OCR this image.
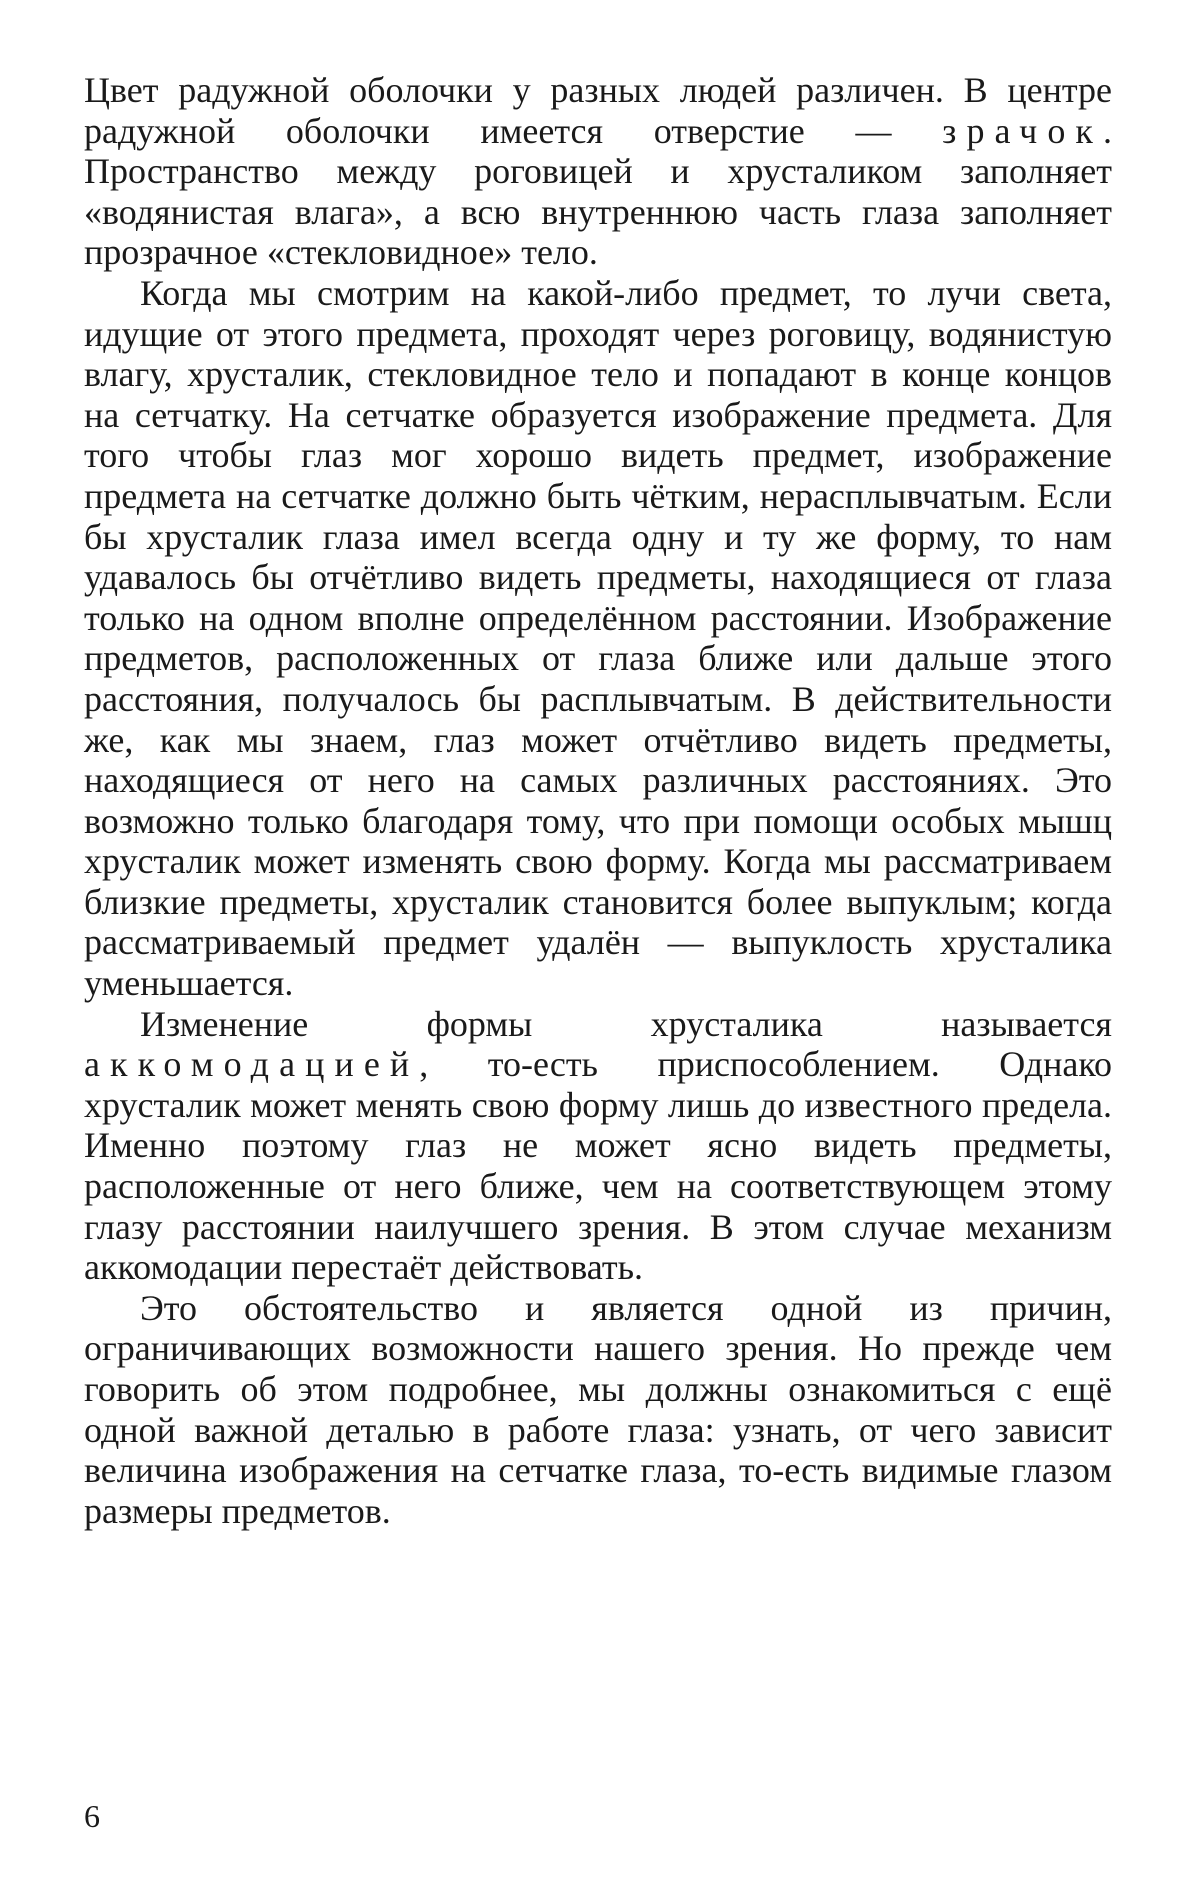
Цвет радужной оболочки у разных людей различен. В центре радужной оболочки имеется отверстие — зрачок. Пространство между роговицей и хрусталиком заполняет «водянистая влага», а всю внутреннюю часть глаза заполняет прозрачное «стекловидное» тело.

Когда мы смотрим на какой-либо предмет, то лучи света, идущие от этого предмета, проходят через роговицу, водянистую влагу, хрусталик, стекловидное тело и попадают в конце концов на сетчатку. На сетчатке образуется изображение предмета. Для того чтобы глаз мог хорошо видеть предмет, изображение предмета на сетчатке должно быть чётким, нерасплывчатым. Если бы хрусталик глаза имел всегда одну и ту же форму, то нам удавалось бы отчётливо видеть предметы, находящиеся от глаза только на одном вполне определённом расстоянии. Изображение предметов, расположенных от глаза ближе или дальше этого расстояния, получалось бы расплывчатым. В действительности же, как мы знаем, глаз может отчётливо видеть предметы, находящиеся от него на самых различных расстояниях. Это возможно только благодаря тому, что при помощи особых мышц хрусталик может изменять свою форму. Когда мы рассматриваем близкие предметы, хрусталик становится более выпуклым; когда рассматриваемый предмет удалён — выпуклость хрусталика уменьшается.

Изменение формы хрусталика называется аккомодацией, то-есть приспособлением. Однако хрусталик может менять свою форму лишь до известного предела. Именно поэтому глаз не может ясно видеть предметы, расположенные от него ближе, чем на соответствующем этому глазу расстоянии наилучшего зрения. В этом случае механизм аккомодации перестаёт действовать.

Это обстоятельство и является одной из причин, ограничивающих возможности нашего зрения. Но прежде чем говорить об этом подробнее, мы должны ознакомиться с ещё одной важной деталью в работе глаза: узнать, от чего зависит величина изображения на сетчатке глаза, то-есть видимые глазом размеры предметов.

6
